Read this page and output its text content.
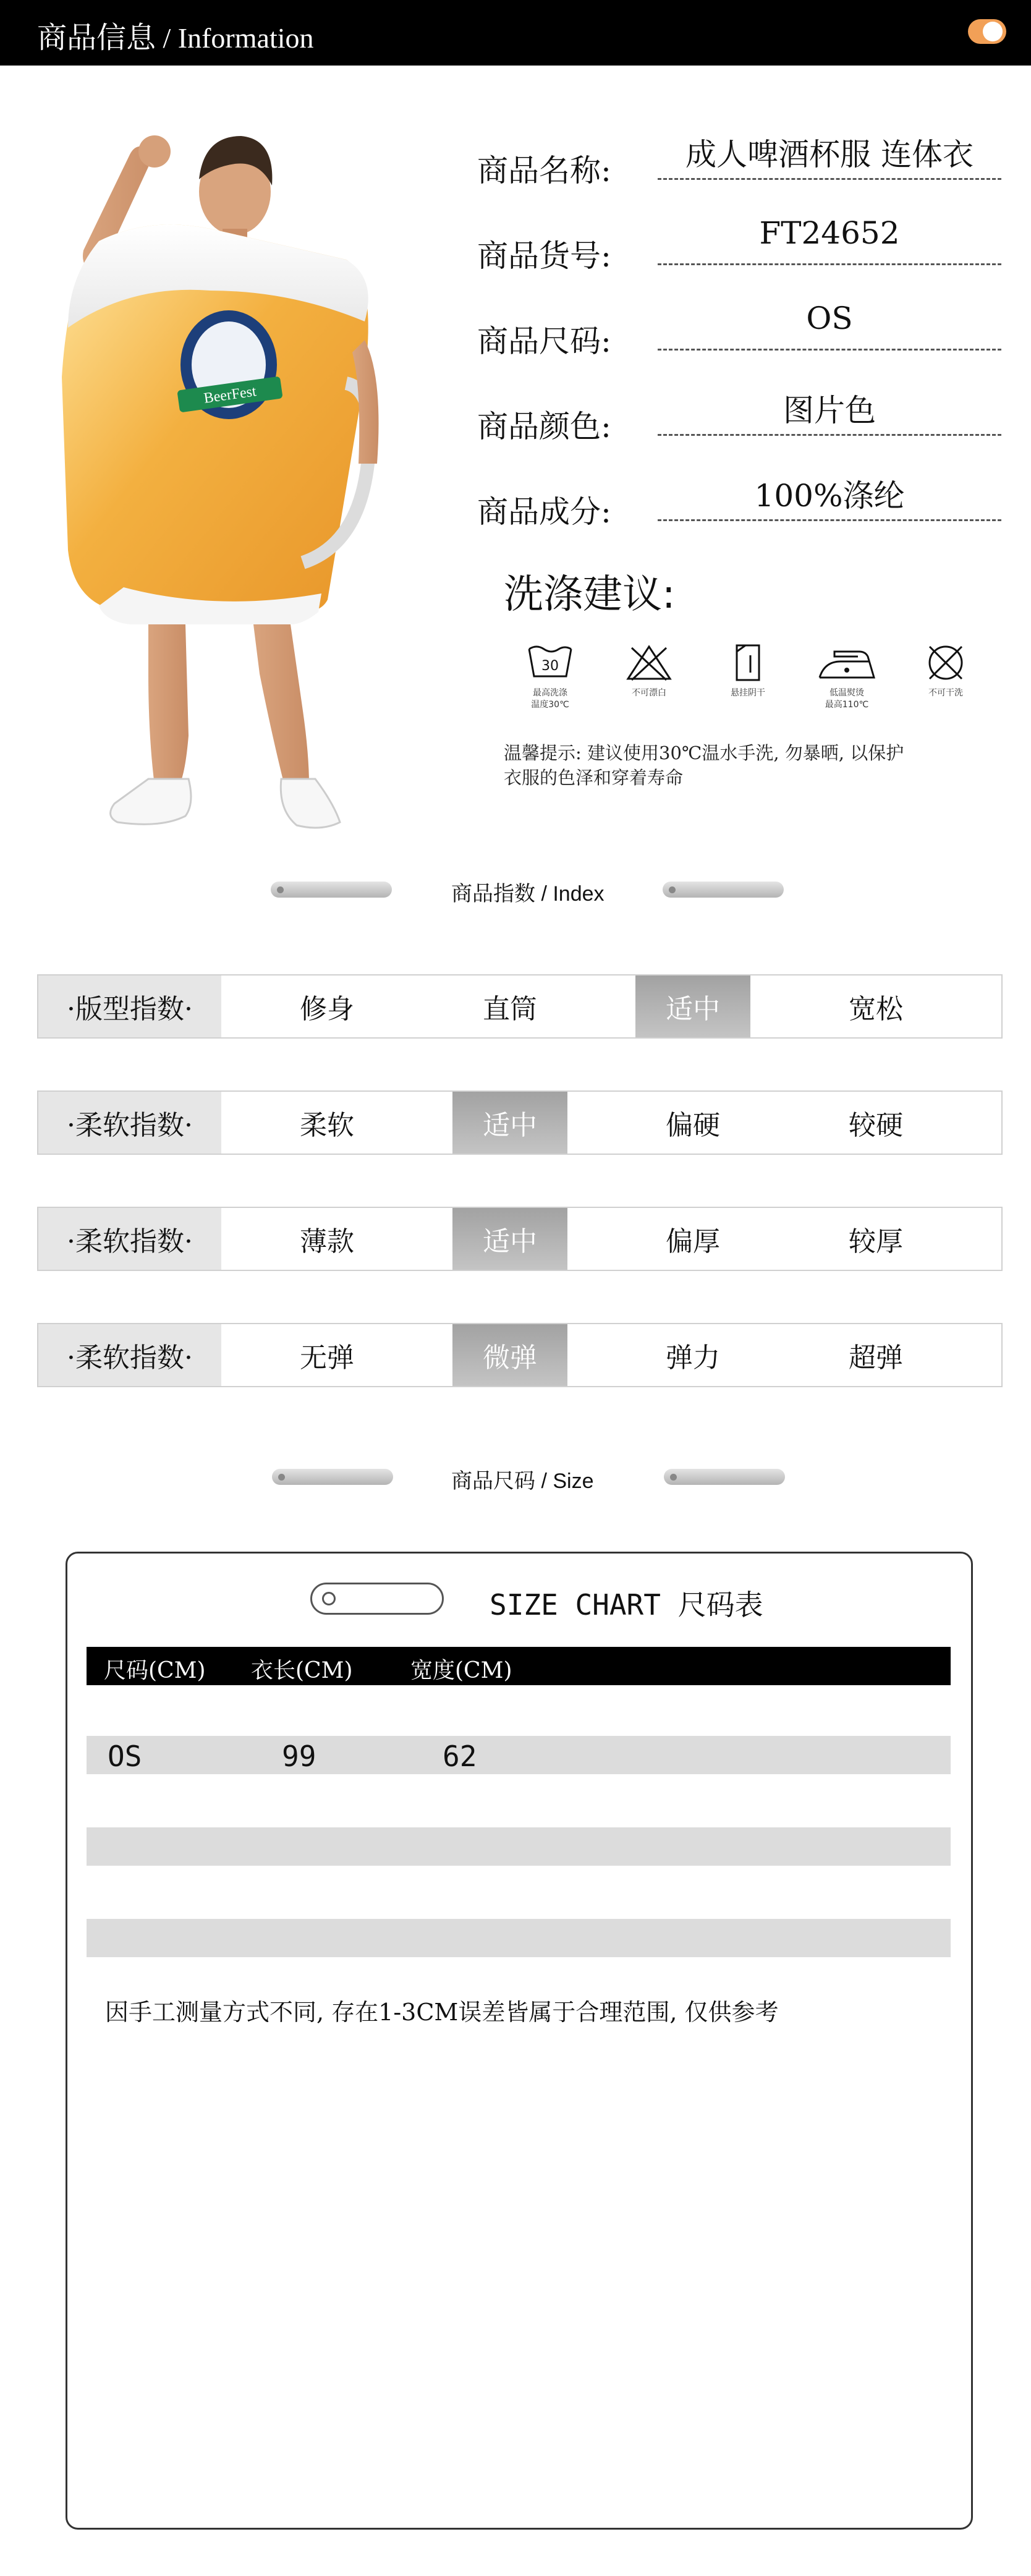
商品信息 / Information
BeerFest
商品名称:	成人啤酒杯服 连体衣
商品货号:
FT24652
商品尺码:
OS
商品颜色:	图片色
商品成分:	100%涤纶
洗涤建议:
30
最高洗涤
温度30℃
不可漂白	悬挂阴干	低温熨烫
最高110℃
不可干洗
温馨提示: 建议使用30℃温水手洗, 勿暴晒, 以保护
衣服的色泽和穿着寿命
商品指数 / Index
·版型指数·	修身	直筒	适中	宽松
·柔软指数·	柔软	适中	偏硬	较硬
·柔软指数·	薄款	适中	偏厚	较厚
·柔软指数·	无弹	微弹	弹力	超弹
商品尺码 / Size
SIZE CHART 尺码表
尺码(CM) 衣长(CM)	宽度(CM)
OS	99	62
因手工测量方式不同, 存在1-3CM误差皆属于合理范围, 仅供参考
